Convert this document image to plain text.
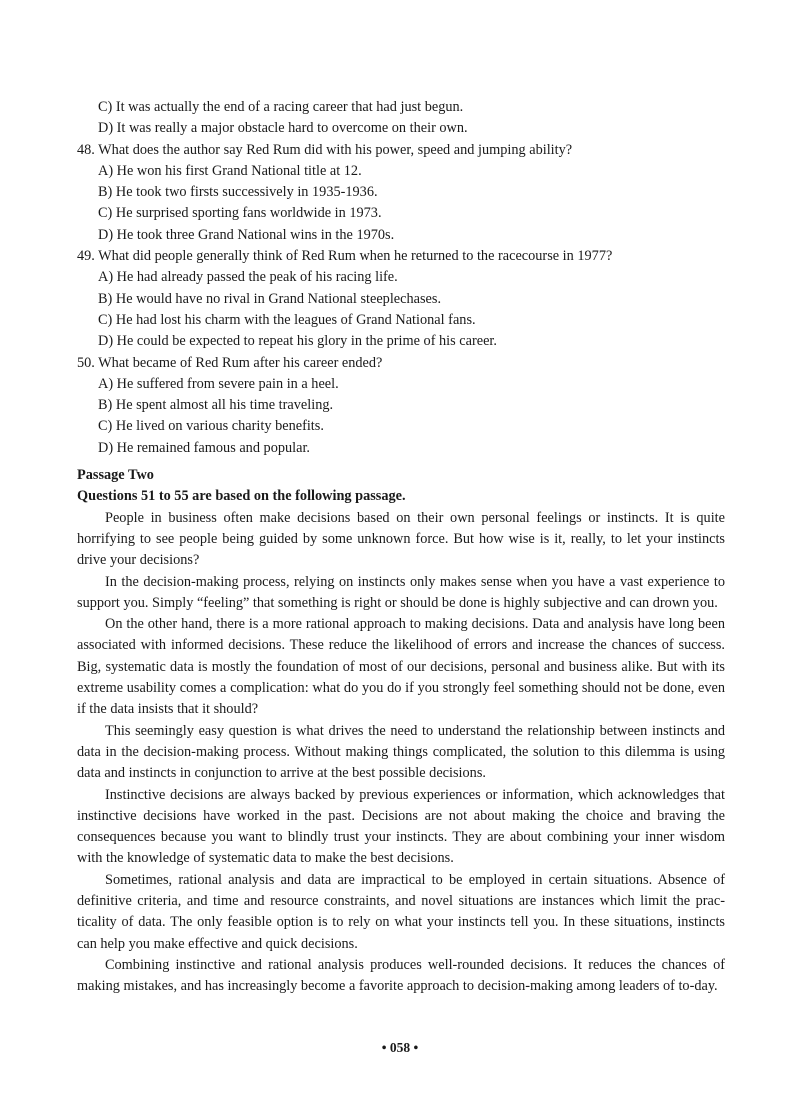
C) It was actually the end of a racing career that had just begun.
D) It was really a major obstacle hard to overcome on their own.
48. What does the author say Red Rum did with his power, speed and jumping ability?
A) He won his first Grand National title at 12.
B) He took two firsts successively in 1935-1936.
C) He surprised sporting fans worldwide in 1973.
D) He took three Grand National wins in the 1970s.
49. What did people generally think of Red Rum when he returned to the racecourse in 1977?
A) He had already passed the peak of his racing life.
B) He would have no rival in Grand National steeplechases.
C) He had lost his charm with the leagues of Grand National fans.
D) He could be expected to repeat his glory in the prime of his career.
50. What became of Red Rum after his career ended?
A) He suffered from severe pain in a heel.
B) He spent almost all his time traveling.
C) He lived on various charity benefits.
D) He remained famous and popular.
Passage Two
Questions 51 to 55 are based on the following passage.

People in business often make decisions based on their own personal feelings or instincts. It is quite horrifying to see people being guided by some unknown force. But how wise is it, really, to let your instincts drive your decisions?

In the decision-making process, relying on instincts only makes sense when you have a vast experience to support you. Simply “feeling” that something is right or should be done is highly subjective and can drown you.

On the other hand, there is a more rational approach to making decisions. Data and analysis have long been associated with informed decisions. These reduce the likelihood of errors and increase the chances of success. Big, systematic data is mostly the foundation of most of our decisions, personal and business alike. But with its extreme usability comes a complication: what do you do if you strongly feel something should not be done, even if the data insists that it should?

This seemingly easy question is what drives the need to understand the relationship between instincts and data in the decision-making process. Without making things complicated, the solution to this dilemma is using data and instincts in conjunction to arrive at the best possible decisions.

Instinctive decisions are always backed by previous experiences or information, which acknowledges that instinctive decisions have worked in the past. Decisions are not about making the choice and braving the consequences because you want to blindly trust your instincts. They are about combining your inner wisdom with the knowledge of systematic data to make the best decisions.

Sometimes, rational analysis and data are impractical to be employed in certain situations. Absence of definitive criteria, and time and resource constraints, and novel situations are instances which limit the prac-ticality of data. The only feasible option is to rely on what your instincts tell you. In these situations, instincts can help you make effective and quick decisions.

Combining instinctive and rational analysis produces well-rounded decisions. It reduces the chances of making mistakes, and has increasingly become a favorite approach to decision-making among leaders of to-day.

• 058 •
